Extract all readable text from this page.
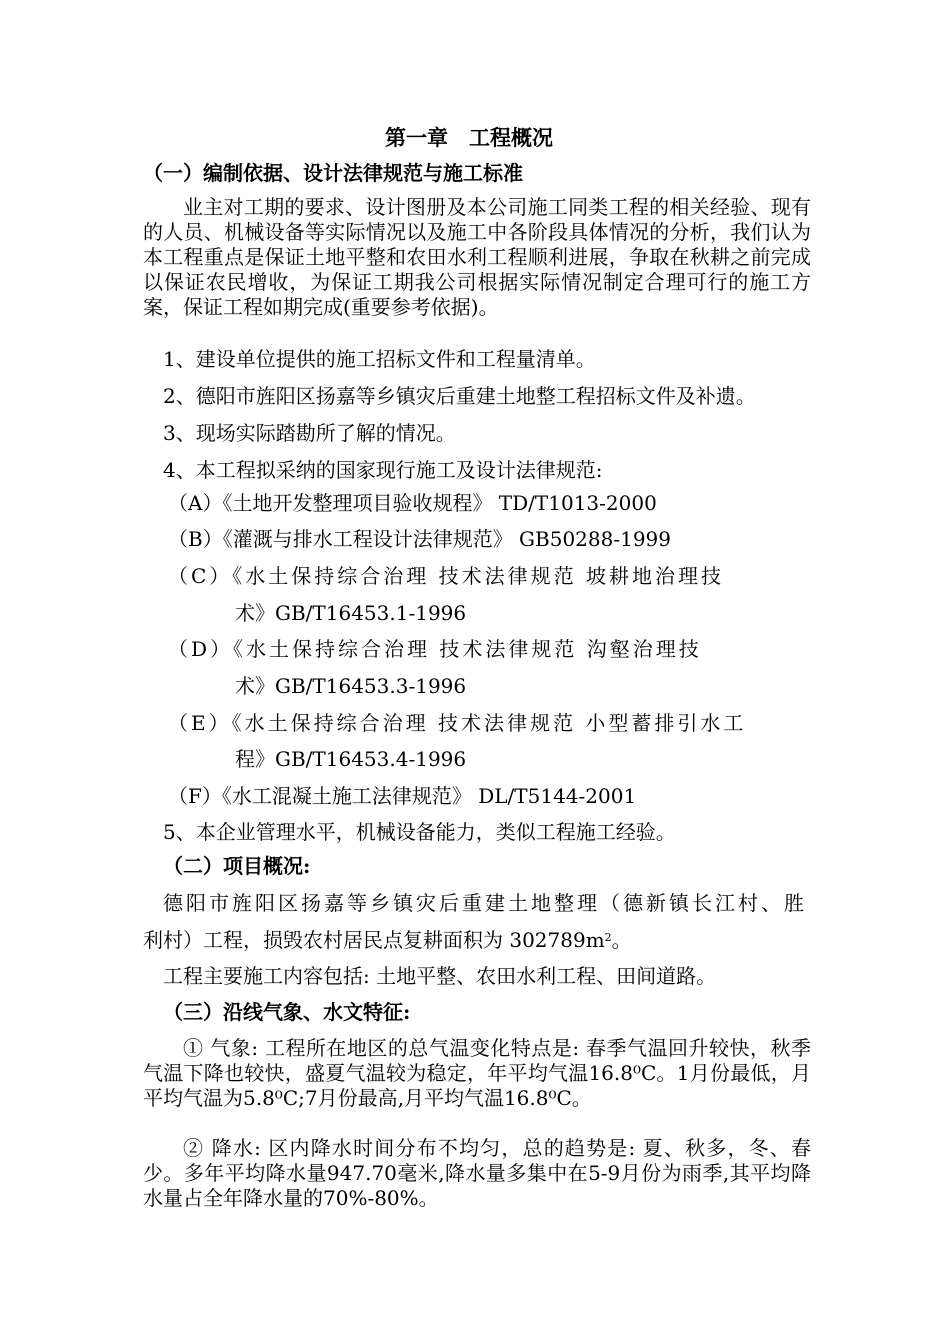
第一章　工程概况
（一）编制依据、设计法律规范与施工标准

业主对工期的要求、设计图册及本公司施工同类工程的相关经验、现有的人员、机械设备等实际情况以及施工中各阶段具体情况的分析，我们认为本工程重点是保证土地平整和农田水利工程顺利进展，争取在秋耕之前完成以保证农民增收，为保证工期我公司根据实际情况制定合理可行的施工方案，保证工程如期完成(重要参考依据)。

1、建设单位提供的施工招标文件和工程量清单。
2、德阳市旌阳区扬嘉等乡镇灾后重建土地整工程招标文件及补遗。
3、现场实际踏勘所了解的情况。
4、本工程拟采纳的国家现行施工及设计法律规范:
（A）《土地开发整理项目验收规程》 TD/T1013-2000
（B）《灌溉与排水工程设计法律规范》 GB50288-1999
（C）《水土保持综合治理 技术法律规范 坡耕地治理技
术》GB/T16453.1-1996
（D）《水土保持综合治理 技术法律规范 沟壑治理技
术》GB/T16453.3-1996
（E）《水土保持综合治理 技术法律规范 小型蓄排引水工
程》GB/T16453.4-1996
（F）《水工混凝土施工法律规范》 DL/T5144-2001
5、本企业管理水平，机械设备能力，类似工程施工经验。
（二）项目概况:
德阳市旌阳区扬嘉等乡镇灾后重建土地整理（德新镇长江村、胜
利村）工程，损毁农村居民点复耕面积为 $302789m^2$。
工程主要施工内容包括: 土地平整、农田水利工程、田间道路。
（三）沿线气象、水文特征:

① 气象: 工程所在地区的总气温变化特点是: 春季气温回升较快，秋季气温下降也较快，盛夏气温较为稳定，年平均气温16.8⁰C。1月份最低，月平均气温为5.8⁰C;7月份最高,月平均气温16.8⁰C。

② 降水: 区内降水时间分布不均匀，总的趋势是: 夏、秋多，冬、春少。多年平均降水量947.70毫米,降水量多集中在5-9月份为雨季,其平均降水量占全年降水量的70%-80%。
